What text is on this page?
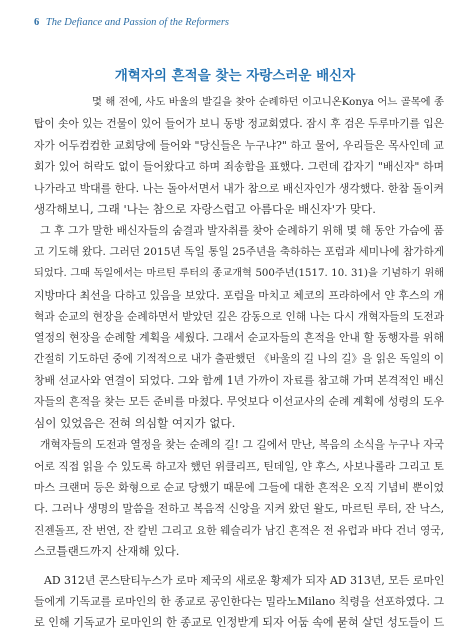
6 The Defiance and Passion of the Reformers
개혁자의 흔적을 찾는 자랑스러운 배신자
몇 해 전에, 사도 바울의 발길을 찾아 순례하던 이고니온Konya 어느 골목에 종
탑이 솟아 있는 건물이 있어 들어가 보니 동방 정교회였다. 잠시 후 검은 두루마기를 입은
자가 어두컴컴한 교회당에 들어와 "당신들은 누구냐?" 하고 물어, 우리들은 목사인데 교
회가 있어 허락도 없이 들어왔다고 하며 죄송함을 표했다. 그런데 갑자기 "배신자" 하며
나가라고 박대를 한다. 나는 돌아서면서 내가 참으로 배신자인가 생각했다. 한참 돌이켜
생각해보니, 그래 '나는 참으로 자랑스럽고 아름다운 배신자'가 맞다.
그 후 그가 말한 배신자들의 숨결과 발자취를 찾아 순례하기 위해 몇 해 동안 가슴에 품
고 기도해 왔다. 그러던 2015년 독일 통일 25주년을 축하하는 포럼과 세미나에 참가하게
되었다. 그때 독일에서는 마르틴 루터의 종교개혁 500주년(1517. 10. 31)을 기념하기 위해
지방마다 최선을 다하고 있음을 보았다. 포럼을 마치고 체코의 프라하에서 얀 후스의 개
혁과 순교의 현장을 순례하면서 받았던 깊은 감동으로 인해 나는 다시 개혁자들의 도전과
열정의 현장을 순례할 계획을 세웠다. 그래서 순교자들의 흔적을 안내 할 동행자를 위해
간절히 기도하던 중에 기적적으로 내가 출판했던 《바울의 길 나의 길》을 읽은 독일의 이
창배 선교사와 연결이 되었다. 그와 함께 1년 가까이 자료를 참고해 가며 본격적인 배신
자들의 흔적을 찾는 모든 준비를 마쳤다. 무엇보다 이선교사의 순례 계획에 성령의 도우
심이 있었음은 전혀 의심할 여지가 없다.
개혁자들의 도전과 열정을 찾는 순례의 길! 그 길에서 만난, 복음의 소식을 누구나 자국
어로 직접 읽을 수 있도록 하고자 했던 위클리프, 틴데일, 얀 후스, 사보나롤라 그리고 토
마스 크랜머 등은 화형으로 순교 당했기 때문에 그들에 대한 흔적은 오직 기념비 뿐이었
다. 그러나 생명의 말씀을 전하고 복음적 신앙을 지켜 왔던 왈도, 마르틴 루터, 잔 낙스,
진젠돌프, 잔 번연, 잔 칼빈 그리고 요한 웨슬리가 남긴 흔적은 전 유럽과 바다 건너 영국,
스코틀랜드까지 산재해 있다.
AD 312년 콘스탄티누스가 로마 제국의 새로운 황제가 되자 AD 313년, 모든 로마인
들에게 기독교를 로마인의 한 종교로 공인한다는 밀라노Milano 칙령을 선포하였다. 그
로 인해 기독교가 로마인의 한 종교로 인정받게 되자 어둠 속에 묻혀 살던 성도들이 드
